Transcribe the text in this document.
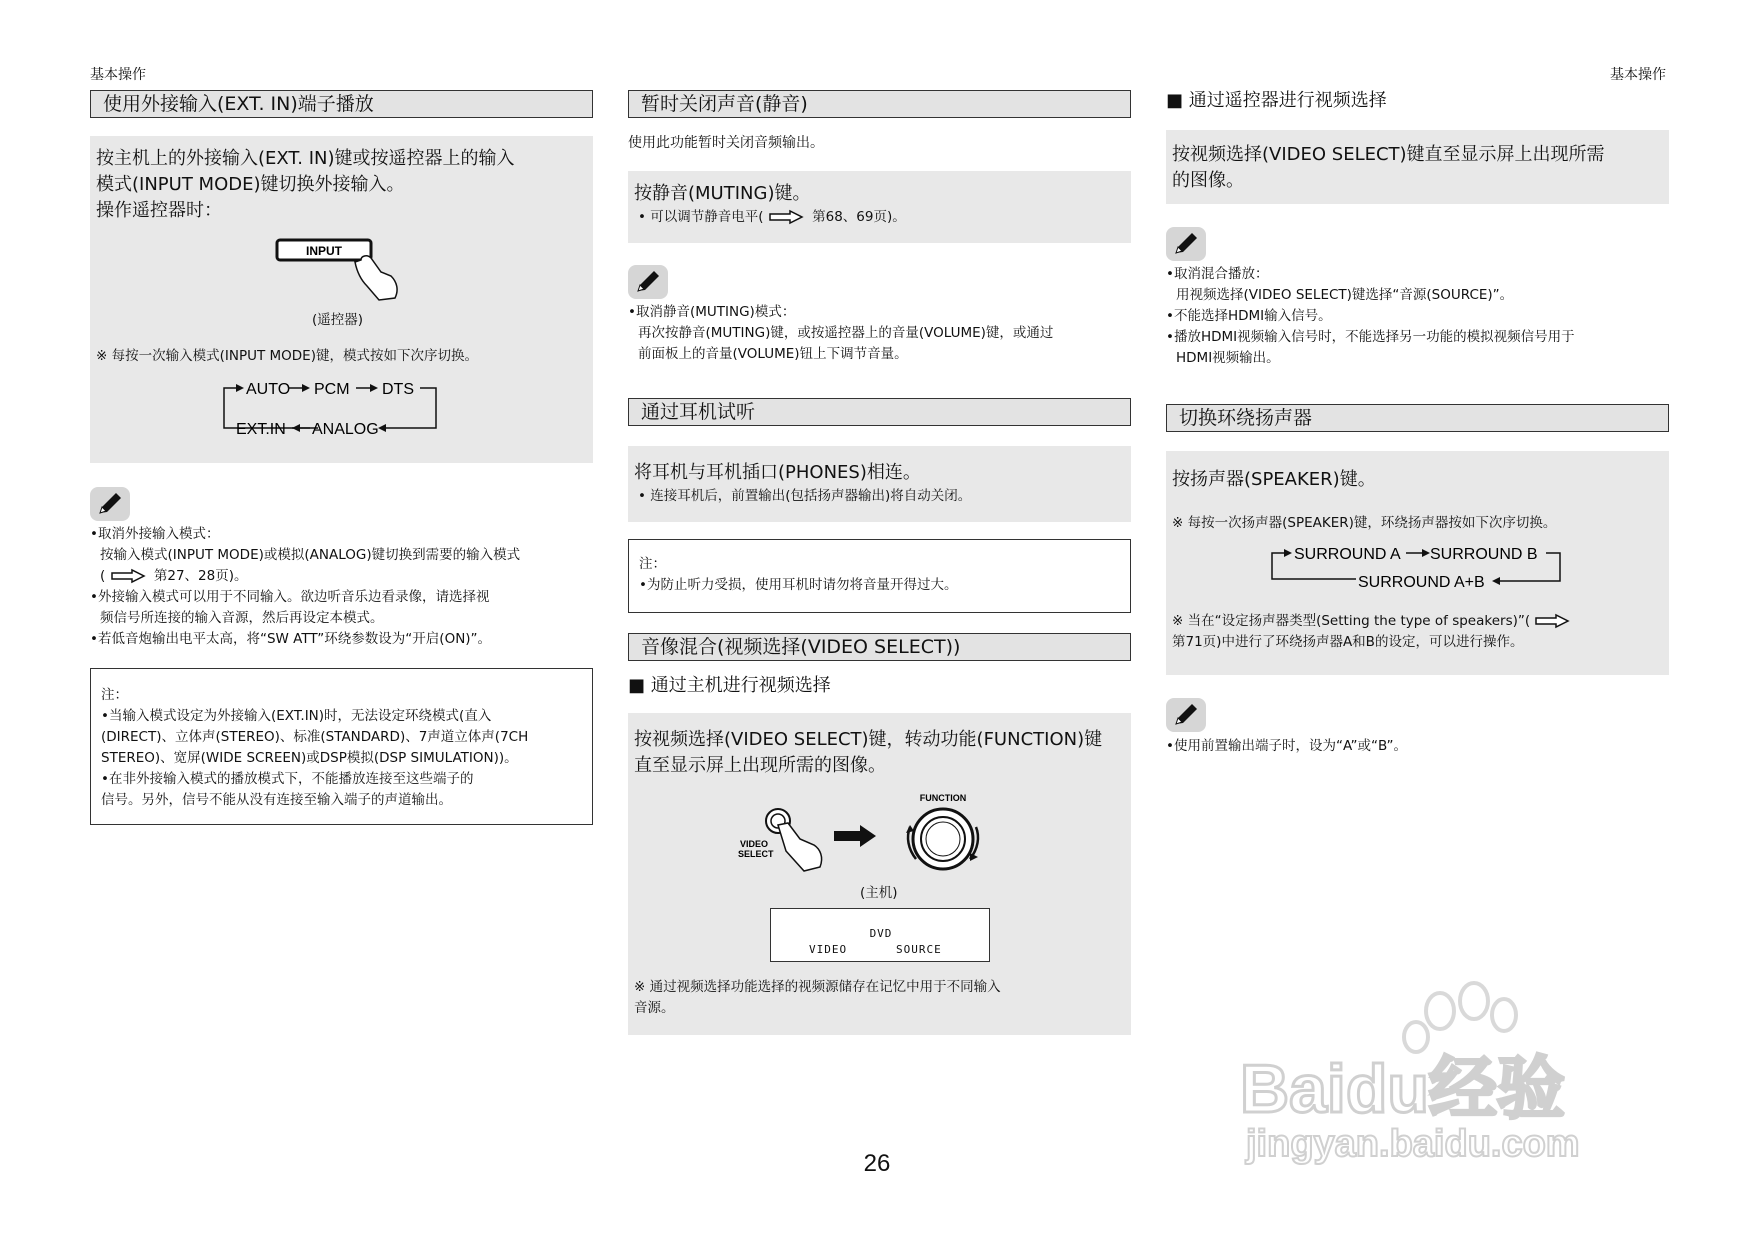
基本操作	基本操作
使用外接输入(EXT. IN)端子播放
按主机上的外接输入(EXT. IN)键或按遥控器上的输入
模式(INPUT MODE)键切换外接输入。
操作遥控器时：
INPUT
(遥控器)
※ 每按一次输入模式(INPUT MODE)键，模式按如下次序切换。
AUTO PCM DTS
ANALOG
EXT.IN
•取消外接输入模式：
按输入模式(INPUT MODE)或模拟(ANALOG)键切换到需要的输入模式
(	第27、28页)。
•外接输入模式可以用于不同输入。欲边听音乐边看录像，请选择视
频信号所连接的输入音源，然后再设定本模式。
•若低音炮输出电平太高，将“SW ATT”环绕参数设为“开启(ON)”。
注：
•当输入模式设定为外接输入(EXT.IN)时，无法设定环绕模式(直入
(DIRECT)、立体声(STEREO)、标准(STANDARD)、7声道立体声(7CH
STEREO)、宽屏(WIDE SCREEN)或DSP模拟(DSP SIMULATION))。
•在非外接输入模式的播放模式下，不能播放连接至这些端子的
信号。另外，信号不能从没有连接至输入端子的声道输出。
暂时关闭声音(静音)
使用此功能暂时关闭音频输出。
按静音(MUTING)键。
• 可以调节静音电平(	第68、69页)。
•取消静音(MUTING)模式：
再次按静音(MUTING)键，或按遥控器上的音量(VOLUME)键，或通过
前面板上的音量(VOLUME)钮上下调节音量。
通过耳机试听
将耳机与耳机插口(PHONES)相连。
• 连接耳机后，前置输出(包括扬声器输出)将自动关闭。
注：
•为防止听力受损，使用耳机时请勿将音量开得过大。
音像混合(视频选择(VIDEO SELECT))
■ 通过主机进行视频选择
按视频选择(VIDEO SELECT)键，转动功能(FUNCTION)键
直至显示屏上出现所需的图像。
VIDEO
SELECT
FUNCTION
(主机)
DVD
VIDEO	SOURCE
※ 通过视频选择功能选择的视频源储存在记忆中用于不同输入
音源。
■ 通过遥控器进行视频选择
按视频选择(VIDEO SELECT)键直至显示屏上出现所需
的图像。
•取消混合播放：
用视频选择(VIDEO SELECT)键选择“音源(SOURCE)”。
•不能选择HDMI输入信号。
•播放HDMI视频输入信号时，不能选择另一功能的模拟视频信号用于
HDMI视频输出。
切换环绕扬声器
按扬声器(SPEAKER)键。
※ 每按一次扬声器(SPEAKER)键，环绕扬声器按如下次序切换。
SURROUND A SURROUND B
SURROUND A+B
※ 当在“设定扬声器类型(Setting the type of speakers)”(
第71页)中进行了环绕扬声器A和B的设定，可以进行操作。
•使用前置输出端子时，设为“A”或“B”。
26
Baidu经验
jingyan.baidu.com
